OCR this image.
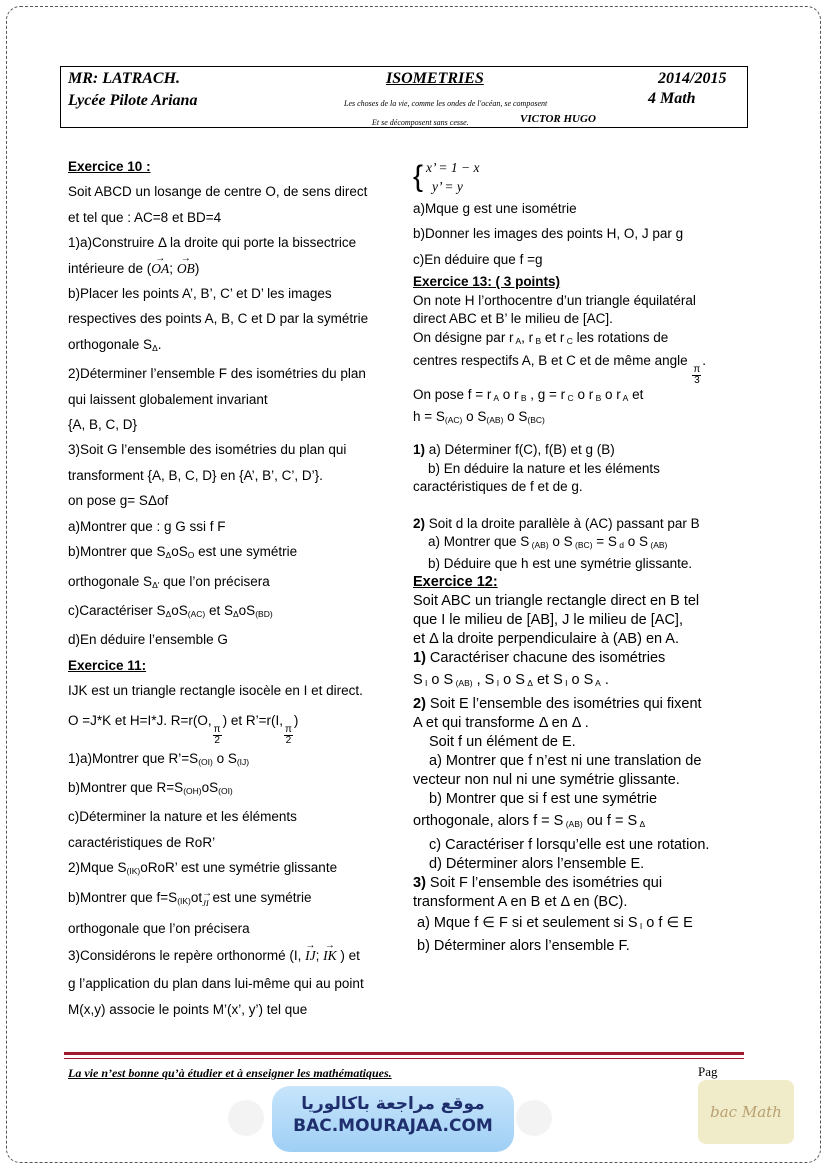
MR: LATRACH.
Lycée Pilote Ariana
ISOMETRIES
Les choses de la vie, comme les ondes de l'océan, se composent
Et se décomposent sans cesse.	VICTOR HUGO
2014/2015
4 Math

Exercice 10 :

Soit ABCD un losange de centre O, de sens direct

et tel que : AC=8 et BD=4

1)a)Construire Δ la droite qui porte la bissectrice

intérieure de (→ OA; → OB)

b)Placer les points A’, B’, C’ et D’ les images

respectives des points A, B, C et D par la symétrie

orthogonale $S_\Delta$.

2)Déterminer l’ensemble F des isométries du plan

qui laissent globalement invariant

{A, B, C, D}

3)Soit G l’ensemble des isométries du plan qui

transforment {A, B, C, D} en {A’, B’, C’, D’}.

on pose g= SΔof

a)Montrer que : g G ssi f F

b)Montrer que $S_\Delta oS_O$ est une symétrie

orthogonale $S_{\Delta'}$ que l’on précisera

c)Caractériser $S_\Delta oS_{(AC)}$ et $S_\Delta oS_{(BD)}$

d)En déduire l’ensemble G

Exercice 11:

IJK est un triangle rectangle isocèle en I et direct.

O =J*K et H=I*J. R=r(O,
$\frac{\pi}{2}$
) et R’=r(I,
$\frac{\pi}{2}$
)

1)a)Montrer que $R’=S_{(OI)}$ o $S_{(IJ)}$

b)Montrer que $R=S_{(OH)}oS_{(OI)}$

c)Déterminer la nature et les éléments

caractéristiques de RoR’

2)Mque $S_{(IK)}oRoR$’ est une symétrie glissante

b)Montrer que $f=S_{(IK)}ot\to$ JI est une symétrie

orthogonale que l’on précisera

3)Considérons le repère orthonormé (I, → IJ; → IK ) et

g l’application du plan dans lui-même qui au point

M(x,y) associe le points M’(x’, y’) tel que

{ x’ = 1 − x
y’ = y

a)Mque g est une isométrie

b)Donner les images des points H, O, J par g

c)En déduire que f =g

Exercice 13: ( 3 points)

On note H l’orthocentre d’un triangle équilatéral

direct ABC et B’ le milieu de [AC].

On désigne par r $_A$, r $_B$ et r $_C$ les rotations de

centres respectifs A, B et C et de même angle
$\frac{\pi}{3}$
.

On pose f = r $_A$ o r $_B$ , g = r $_C$ o r $_B$ o r $_A$ et

$h = S_{(AC)}$ o $S_{(AB)}$ o $S_{(BC)}$

1) a) Déterminer f(C), f(B) et g (B)

b) En déduire la nature et les éléments

caractéristiques de f et de g.

2) Soit d la droite parallèle à (AC) passant par B

a) Montrer que S $_{(AB)}$ o S $_{(BC)}$ = S $_d$ o S $_{(AB)}$

b) Déduire que h est une symétrie glissante.

Exercice 12:

Soit ABC un triangle rectangle direct en B tel

que I le milieu de [AB], J le milieu de [AC],

et Δ la droite perpendiculaire à (AB) en A.

1) Caractériser chacune des isométries

S $_I$ o S $_{(AB)}$ , S $_I$ o S $_\Delta$ et S $_I$ o S $_A$ .

2) Soit E l’ensemble des isométries qui fixent

A et qui transforme Δ en Δ .

Soit f un élément de E.

a) Montrer que f n’est ni une translation de

vecteur non nul ni une symétrie glissante.

b) Montrer que si f est une symétrie

orthogonale, alors f = S $_{(AB)}$ ou f = S $_\Delta$

c) Caractériser f lorsqu’elle est une rotation.

d) Déterminer alors l’ensemble E.

3) Soit F l’ensemble des isométries qui

transforment A en B et Δ en (BC).

a) Mque f ∈ F si et seulement si S $_I$ o f ∈ E

b) Déterminer alors l’ensemble F.

La vie n’est bonne qu’à étudier et à enseigner les mathématiques.	Pag
موقع مراجعة باكالوريا
BAC.MOURAJAA.COM
bac Math
